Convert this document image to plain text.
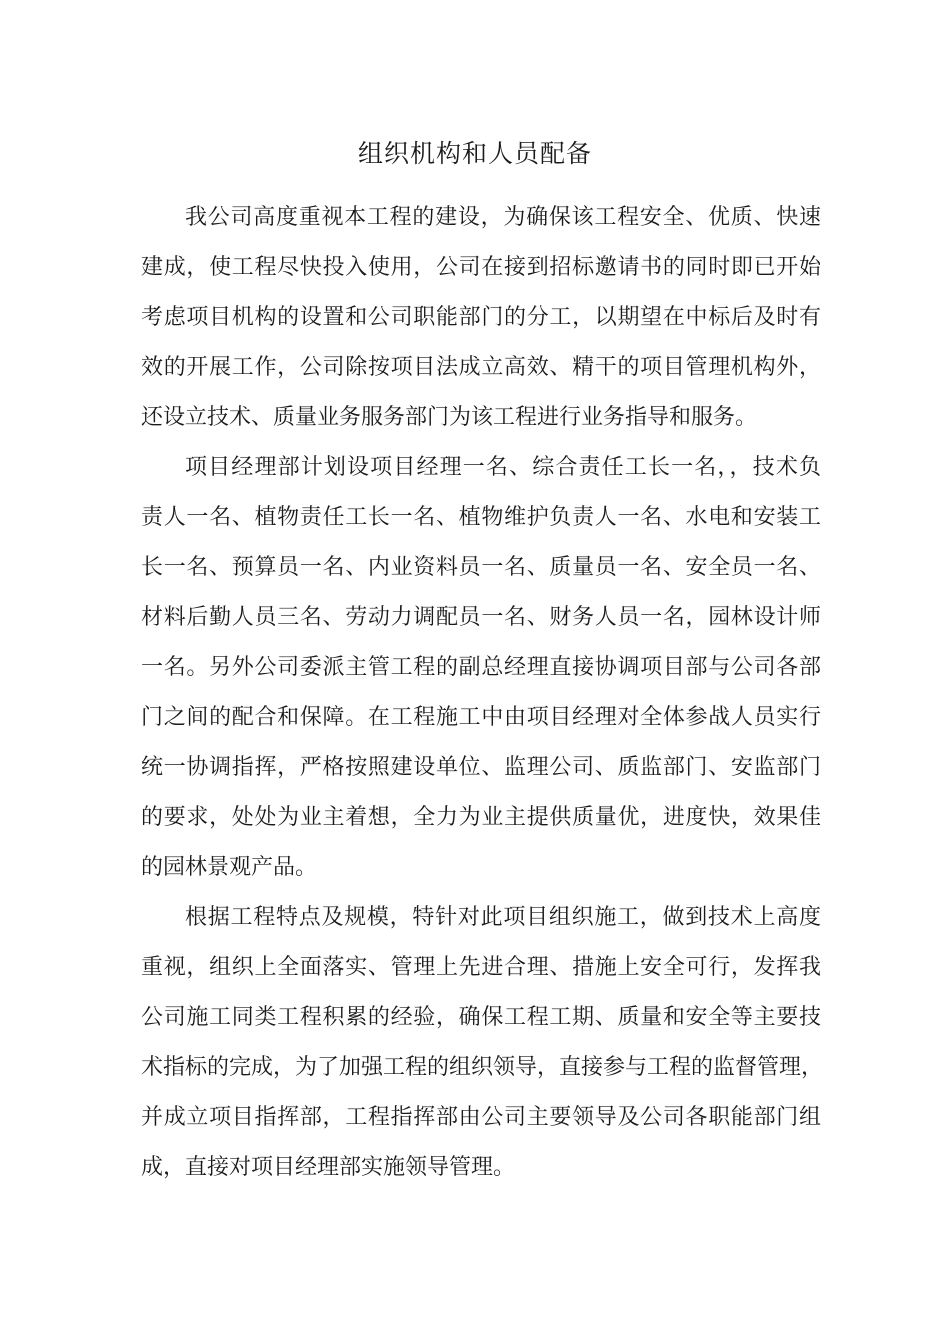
组织机构和人员配备

我公司高度重视本工程的建设，为确保该工程安全、优质、快速

建成，使工程尽快投入使用，公司在接到招标邀请书的同时即已开始

考虑项目机构的设置和公司职能部门的分工，以期望在中标后及时有

效的开展工作，公司除按项目法成立高效、精干的项目管理机构外，

还设立技术、质量业务服务部门为该工程进行业务指导和服务。

项目经理部计划设项目经理一名、综合责任工长一名，，技术负

责人一名、植物责任工长一名、植物维护负责人一名、水电和安装工

长一名、预算员一名、内业资料员一名、质量员一名、安全员一名、

材料后勤人员三名、劳动力调配员一名、财务人员一名，园林设计师

一名。另外公司委派主管工程的副总经理直接协调项目部与公司各部

门之间的配合和保障。在工程施工中由项目经理对全体参战人员实行

统一协调指挥，严格按照建设单位、监理公司、质监部门、安监部门

的要求，处处为业主着想，全力为业主提供质量优，进度快，效果佳

的园林景观产品。

根据工程特点及规模，特针对此项目组织施工，做到技术上高度

重视，组织上全面落实、管理上先进合理、措施上安全可行，发挥我

公司施工同类工程积累的经验，确保工程工期、质量和安全等主要技

术指标的完成，为了加强工程的组织领导，直接参与工程的监督管理，

并成立项目指挥部，工程指挥部由公司主要领导及公司各职能部门组

成，直接对项目经理部实施领导管理。
